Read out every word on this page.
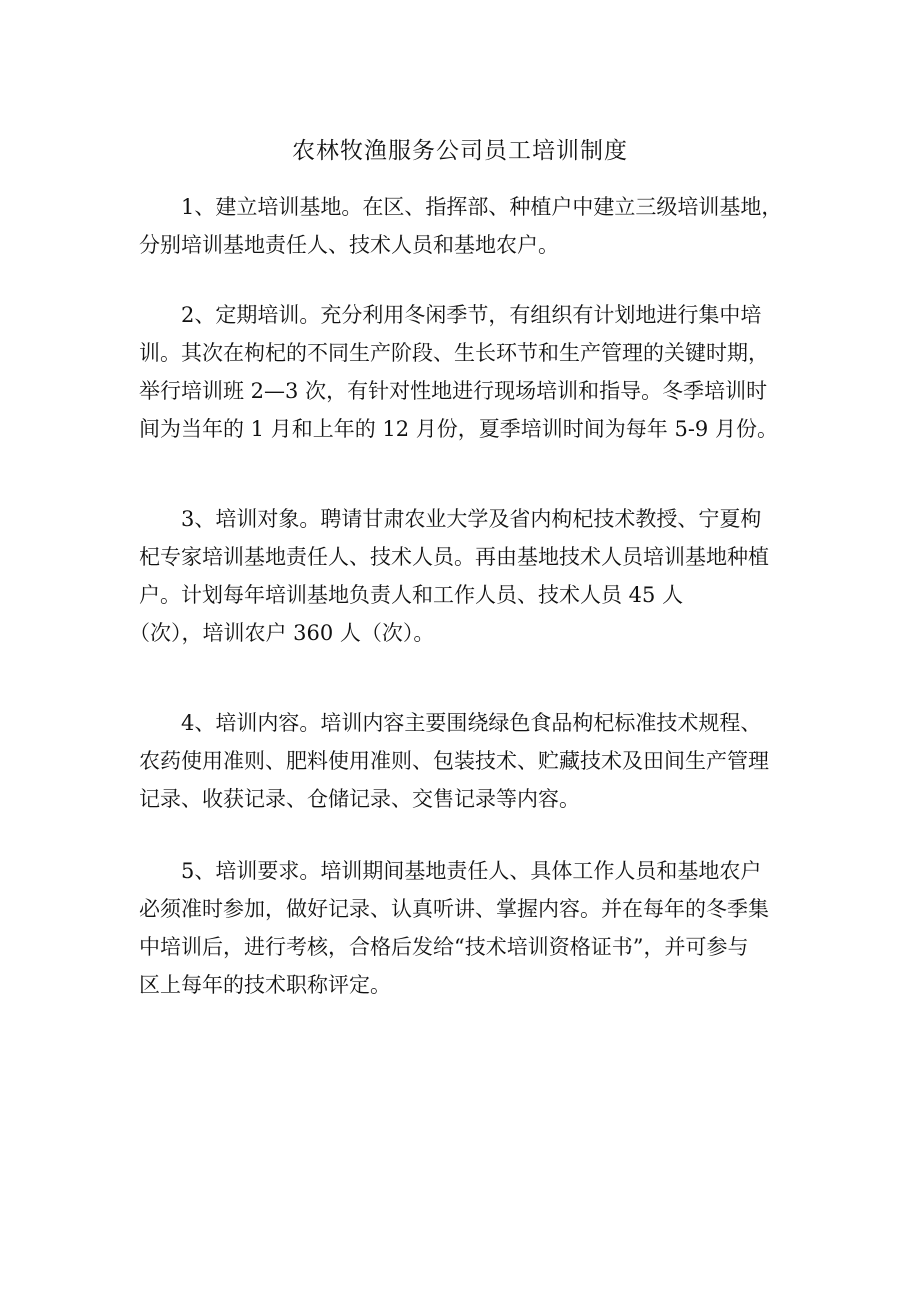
农林牧渔服务公司员工培训制度
1、建立培训基地。在区、指挥部、种植户中建立三级培训基地，
分别培训基地责任人、技术人员和基地农户。
2、定期培训。充分利用冬闲季节，有组织有计划地进行集中培
训。其次在枸杞的不同生产阶段、生长环节和生产管理的关键时期，
举行培训班 2—3 次，有针对性地进行现场培训和指导。冬季培训时
间为当年的 1 月和上年的 12 月份，夏季培训时间为每年 5-9 月份。
3、培训对象。聘请甘肃农业大学及省内枸杞技术教授、宁夏枸
杞专家培训基地责任人、技术人员。再由基地技术人员培训基地种植
户。计划每年培训基地负责人和工作人员、技术人员 45 人
（次），培训农户 360 人（次）。
4、培训内容。培训内容主要围绕绿色食品枸杞标准技术规程、
农药使用准则、肥料使用准则、包装技术、贮藏技术及田间生产管理
记录、收获记录、仓储记录、交售记录等内容。
5、培训要求。培训期间基地责任人、具体工作人员和基地农户
必须准时参加，做好记录、认真听讲、掌握内容。并在每年的冬季集
中培训后，进行考核，合格后发给“技术培训资格证书”，并可参与
区上每年的技术职称评定。
